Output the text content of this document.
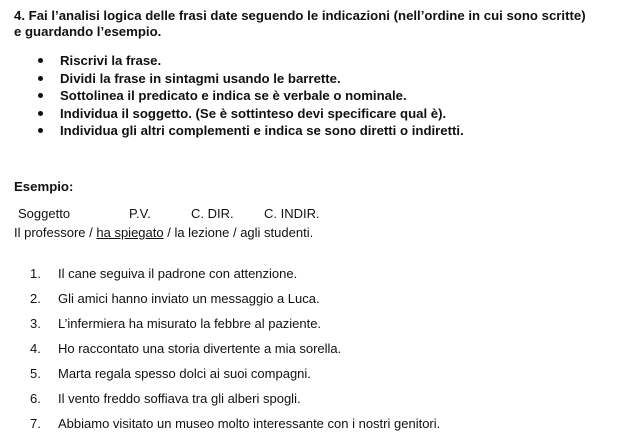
4. Fai l’analisi logica delle frasi date seguendo le indicazioni (nell’ordine in cui sono scritte)
e guardando l’esempio.
Riscrivi la frase.
Dividi la frase in sintagmi usando le barrette.
Sottolinea il predicato e indica se è verbale o nominale.
Individua il soggetto. (Se è sottinteso devi specificare qual è).
Individua gli altri complementi e indica se sono diretti o indiretti.
Esempio:
Soggetto	P.V.	C. DIR. C. INDIR.
Il professore / ha spiegato / la lezione / agli studenti.
1. Il cane seguiva il padrone con attenzione.
2. Gli amici hanno inviato un messaggio a Luca.
3. L’infermiera ha misurato la febbre al paziente.
4. Ho raccontato una storia divertente a mia sorella.
5. Marta regala spesso dolci ai suoi compagni.
6. Il vento freddo soffiava tra gli alberi spogli.
7. Abbiamo visitato un museo molto interessante con i nostri genitori.
